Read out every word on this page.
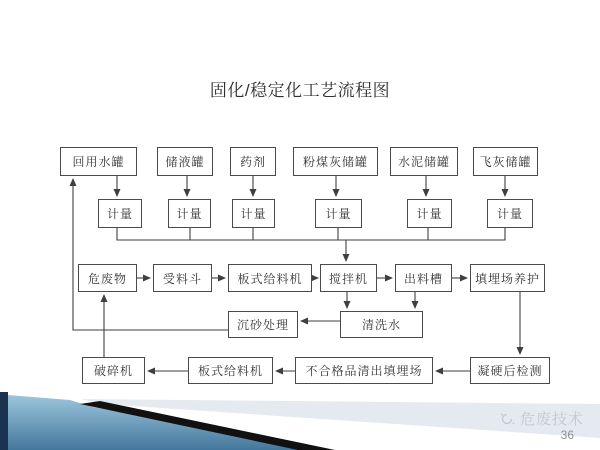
固化/稳定化工艺流程图
回用水罐	储液罐	药剂	粉煤灰储罐	水泥储罐	飞灰储罐
计量	计量	计量	计量	计量	计量
危废物	受料斗	板式给料机	搅拌机	出料槽	填埋场养护
沉砂处理	清洗水
破碎机	板式给料机	不合格品清出填埋场	凝硬后检测
危废技术
36
